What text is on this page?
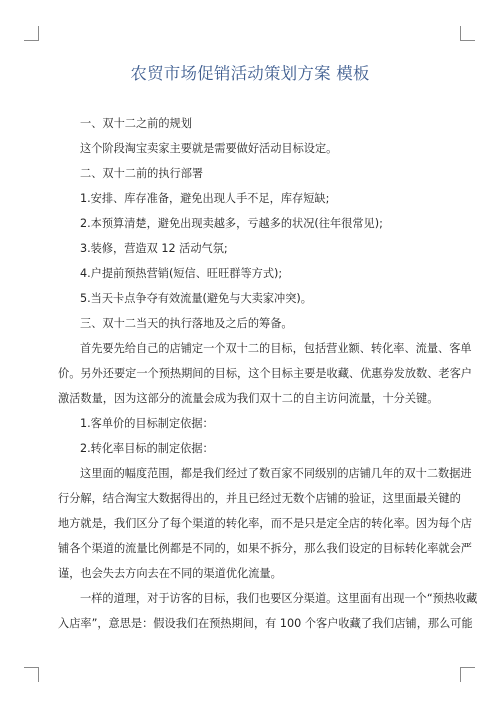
农贸市场促销活动策划方案 模板
一、双十二之前的规划
这个阶段淘宝卖家主要就是需要做好活动目标设定。
二、双十二前的执行部署
1.安排、库存准备，避免出现人手不足，库存短缺;
2.本预算清楚，避免出现卖越多，亏越多的状况(往年很常见);
3.装修，营造双 12 活动气氛;
4.户提前预热营销(短信、旺旺群等方式);
5.当天卡点争夺有效流量(避免与大卖家冲突)。
三、双十二当天的执行落地及之后的筹备。
首先要先给自己的店铺定一个双十二的目标，包括营业额、转化率、流量、客单
价。另外还要定一个预热期间的目标，这个目标主要是收藏、优惠券发放数、老客户
激活数量，因为这部分的流量会成为我们双十二的自主访问流量，十分关键。
1.客单价的目标制定依据：
2.转化率目标的制定依据：
这里面的幅度范围，都是我们经过了数百家不同级别的店铺几年的双十二数据进
行分解，结合淘宝大数据得出的，并且已经过无数个店铺的验证，这里面最关键的
地方就是，我们区分了每个渠道的转化率，而不是只是定全店的转化率。因为每个店
铺各个渠道的流量比例都是不同的，如果不拆分，那么我们设定的目标转化率就会严
谨，也会失去方向去在不同的渠道优化流量。
一样的道理，对于访客的目标，我们也要区分渠道。这里面有出现一个“预热收藏
入店率”，意思是：假设我们在预热期间，有 100 个客户收藏了我们店铺，那么可能
